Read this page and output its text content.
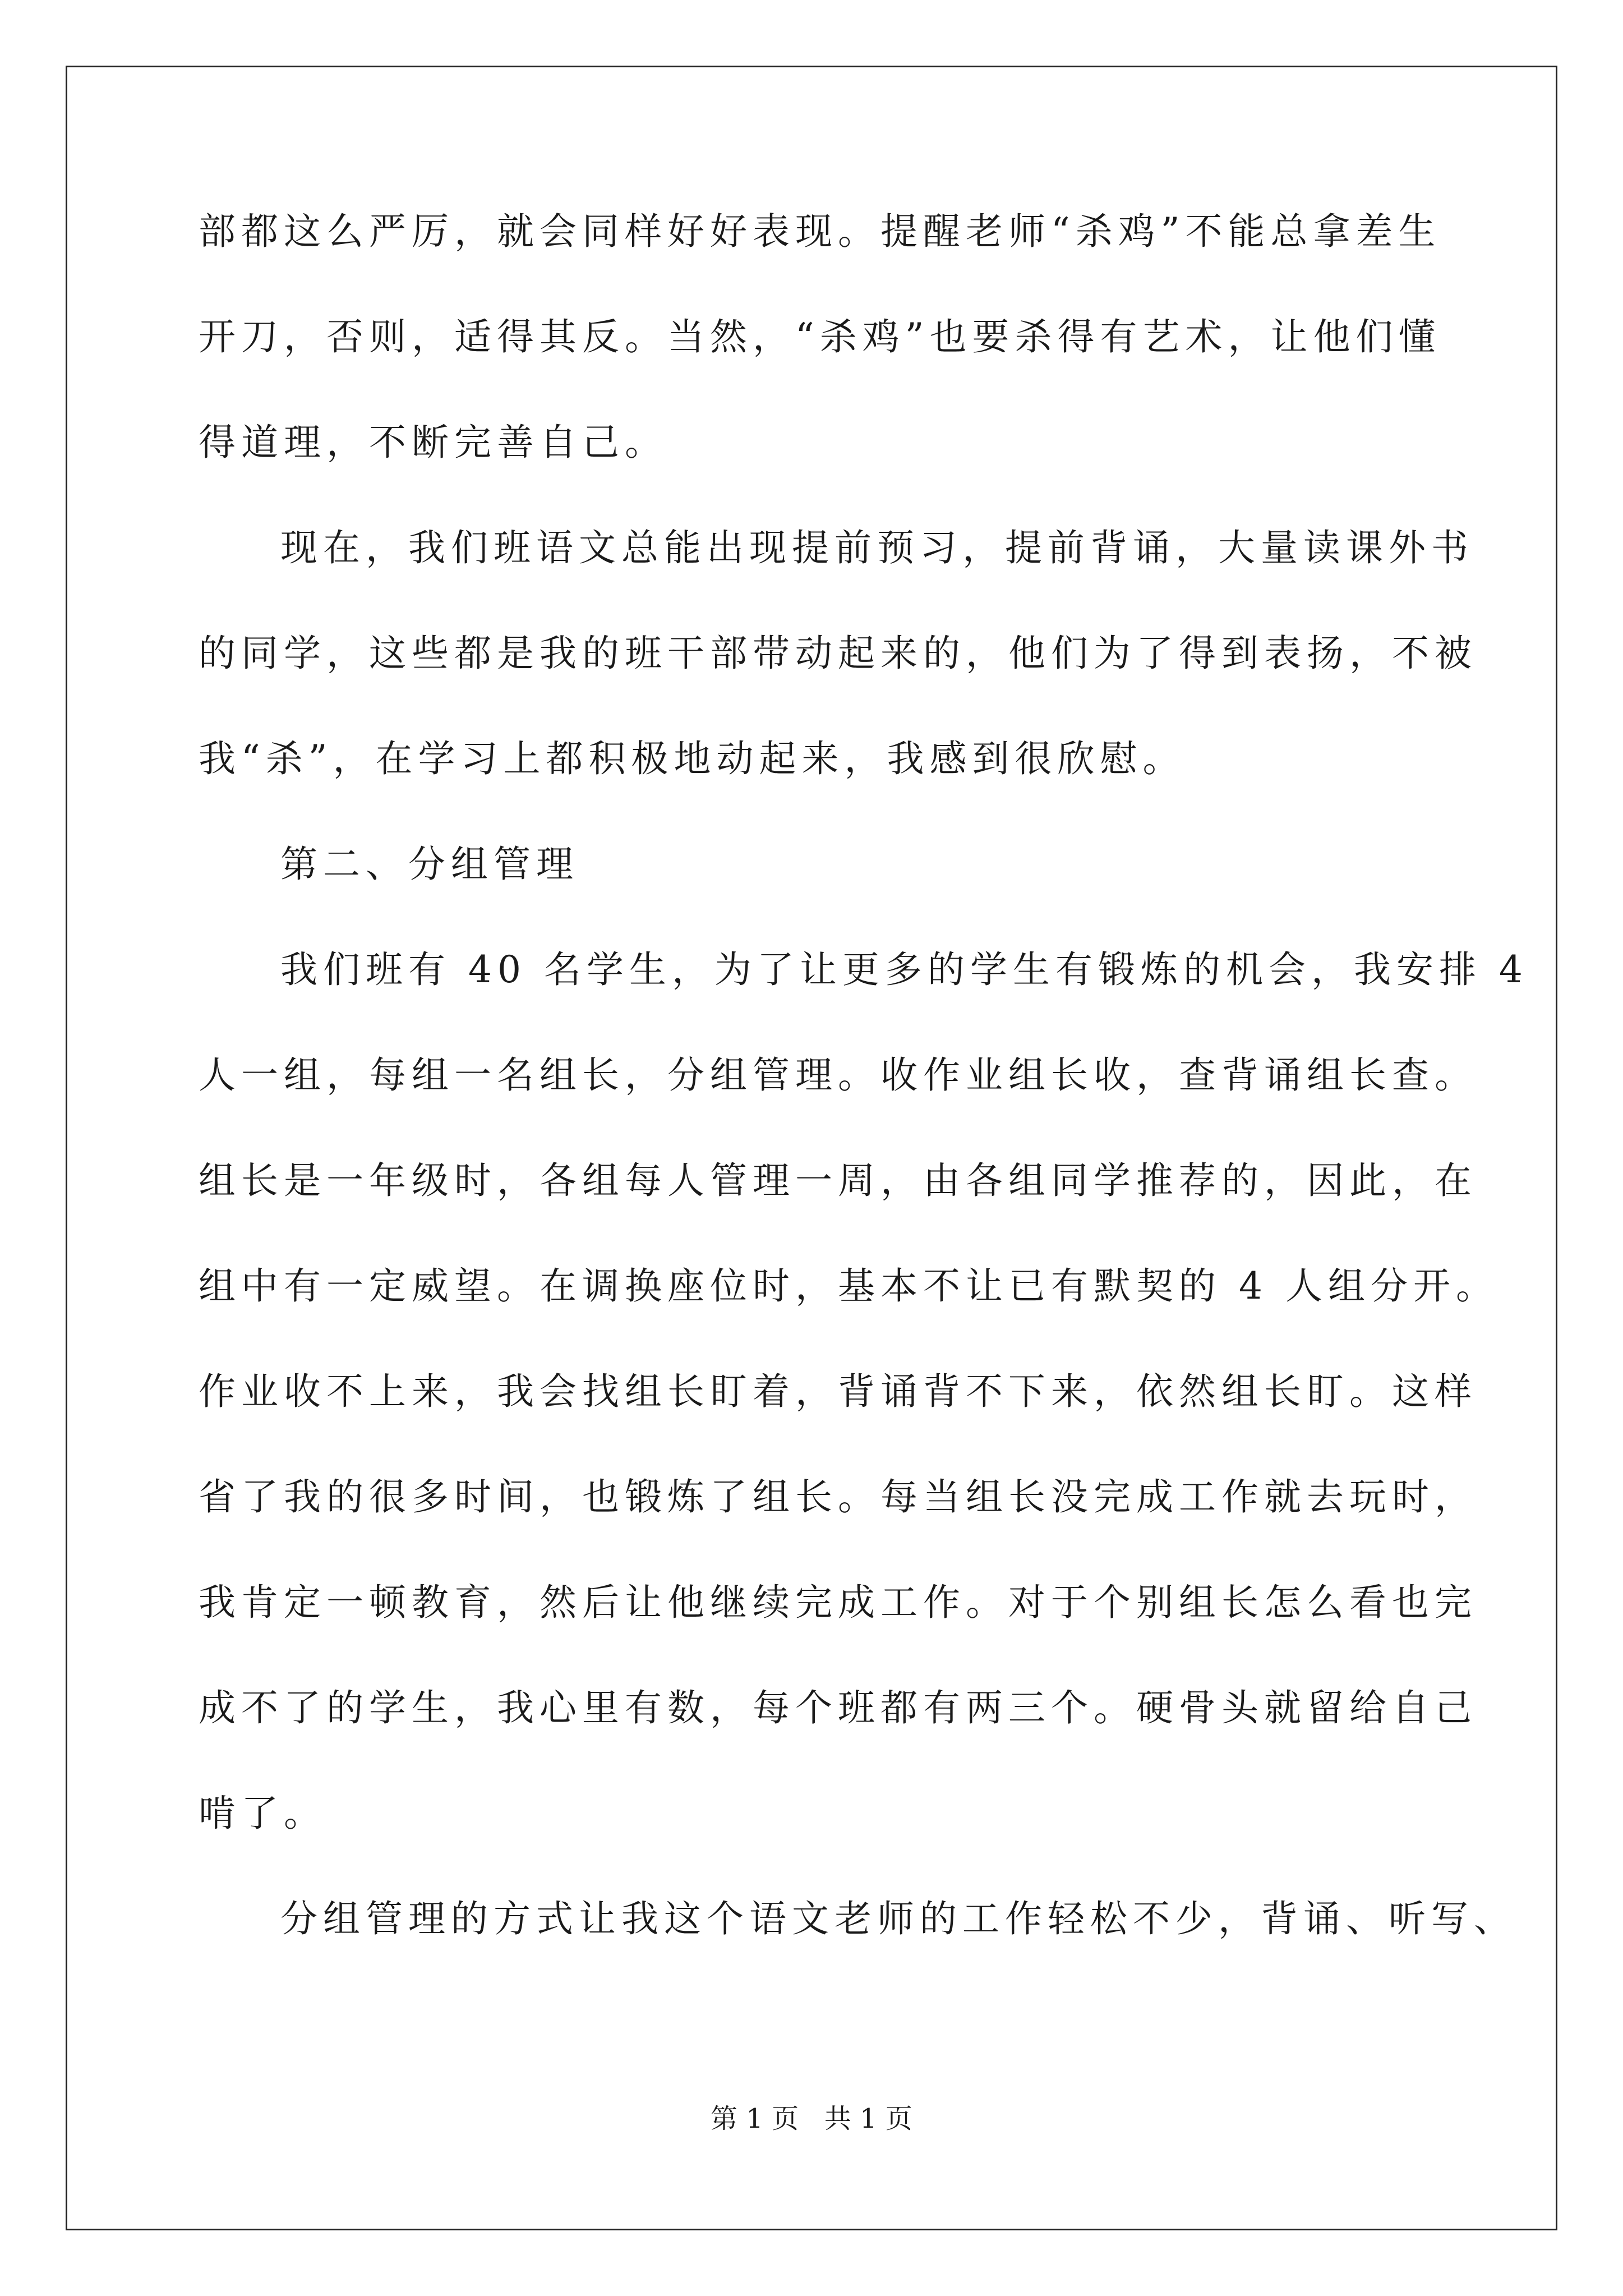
部都这么严厉，就会同样好好表现。提醒老师“杀鸡”不能总拿差生
开刀，否则，适得其反。当然，“杀鸡”也要杀得有艺术，让他们懂
得道理，不断完善自己。
现在，我们班语文总能出现提前预习，提前背诵，大量读课外书
的同学，这些都是我的班干部带动起来的，他们为了得到表扬，不被
我“杀”，在学习上都积极地动起来，我感到很欣慰。
第二、分组管理
我们班有 40 名学生，为了让更多的学生有锻炼的机会，我安排 4
人一组，每组一名组长，分组管理。收作业组长收，查背诵组长查。
组长是一年级时，各组每人管理一周，由各组同学推荐的，因此，在
组中有一定威望。在调换座位时，基本不让已有默契的 4 人组分开。
作业收不上来，我会找组长盯着，背诵背不下来，依然组长盯。这样
省了我的很多时间，也锻炼了组长。每当组长没完成工作就去玩时，
我肯定一顿教育，然后让他继续完成工作。对于个别组长怎么看也完
成不了的学生，我心里有数，每个班都有两三个。硬骨头就留给自己
啃了。
分组管理的方式让我这个语文老师的工作轻松不少，背诵、听写、
第 1 页   共 1 页
